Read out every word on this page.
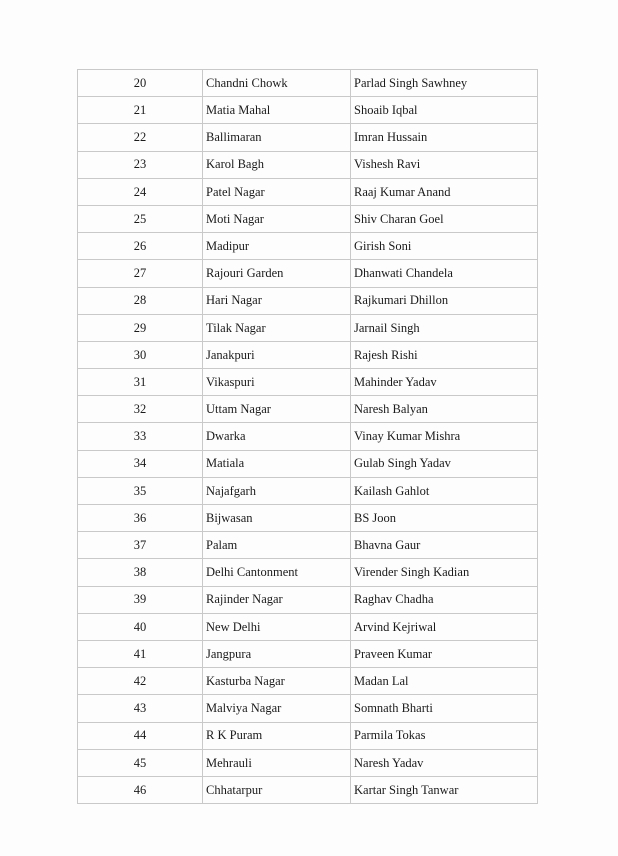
20	Chandni Chowk	Parlad Singh Sawhney
21	Matia Mahal	Shoaib Iqbal
22	Ballimaran	Imran Hussain
23	Karol Bagh	Vishesh Ravi
24	Patel Nagar	Raaj Kumar Anand
25	Moti Nagar	Shiv Charan Goel
26	Madipur	Girish Soni
27	Rajouri Garden	Dhanwati Chandela
28	Hari Nagar	Rajkumari Dhillon
29	Tilak Nagar	Jarnail Singh
30	Janakpuri	Rajesh Rishi
31	Vikaspuri	Mahinder Yadav
32	Uttam Nagar	Naresh Balyan
33	Dwarka	Vinay Kumar Mishra
34	Matiala	Gulab Singh Yadav
35	Najafgarh	Kailash Gahlot
36	Bijwasan	BS Joon
37	Palam	Bhavna Gaur
38	Delhi Cantonment	Virender Singh Kadian
39	Rajinder Nagar	Raghav Chadha
40	New Delhi	Arvind Kejriwal
41	Jangpura	Praveen Kumar
42	Kasturba Nagar	Madan Lal
43	Malviya Nagar	Somnath Bharti
44	R K Puram	Parmila Tokas
45	Mehrauli	Naresh Yadav
46	Chhatarpur	Kartar Singh Tanwar
